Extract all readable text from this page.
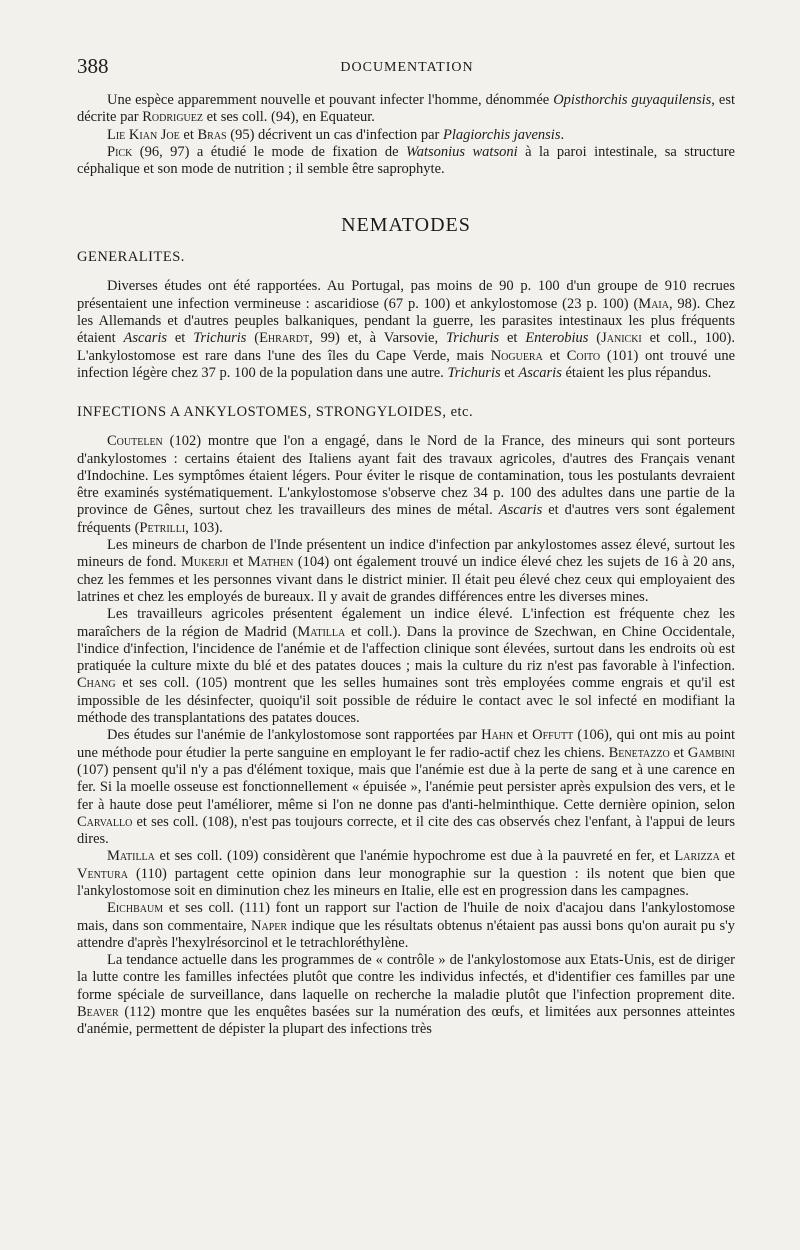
388	DOCUMENTATION

Une espèce apparemment nouvelle et pouvant infecter l'homme, dénommée Opisthorchis guyaquilensis, est décrite par Rodriguez et ses coll. (94), en Equateur.

Lie Kian Joe et Bras (95) décrivent un cas d'infection par Plagiorchis javensis.

Pick (96, 97) a étudié le mode de fixation de Watsonius watsoni à la paroi intestinale, sa structure céphalique et son mode de nutrition ; il semble être saprophyte.

NEMATODES
GENERALITES.

Diverses études ont été rapportées. Au Portugal, pas moins de 90 p. 100 d'un groupe de 910 recrues présentaient une infection vermineuse : ascaridiose (67 p. 100) et ankylostomose (23 p. 100) (Maia, 98). Chez les Allemands et d'autres peuples balkaniques, pendant la guerre, les parasites intestinaux les plus fréquents étaient Ascaris et Trichuris (Ehrardt, 99) et, à Varsovie, Trichuris et Enterobius (Janicki et coll., 100). L'ankylostomose est rare dans l'une des îles du Cape Verde, mais Noguera et Coito (101) ont trouvé une infection légère chez 37 p. 100 de la population dans une autre. Trichuris et Ascaris étaient les plus répandus.

INFECTIONS A ANKYLOSTOMES, STRONGYLOIDES, etc.

Coutelen (102) montre que l'on a engagé, dans le Nord de la France, des mineurs qui sont porteurs d'ankylostomes : certains étaient des Italiens ayant fait des travaux agricoles, d'autres des Français venant d'Indochine. Les symptômes étaient légers. Pour éviter le risque de contamination, tous les postulants devraient être examinés systématiquement. L'ankylostomose s'observe chez 34 p. 100 des adultes dans une partie de la province de Gênes, surtout chez les travailleurs des mines de métal. Ascaris et d'autres vers sont également fréquents (Petrilli, 103).

Les mineurs de charbon de l'Inde présentent un indice d'infection par ankylostomes assez élevé, surtout les mineurs de fond. Mukerji et Mathen (104) ont également trouvé un indice élevé chez les sujets de 16 à 20 ans, chez les femmes et les personnes vivant dans le district minier. Il était peu élevé chez ceux qui employaient des latrines et chez les employés de bureaux. Il y avait de grandes différences entre les diverses mines.

Les travailleurs agricoles présentent également un indice élevé. L'infection est fréquente chez les maraîchers de la région de Madrid (Matilla et coll.). Dans la province de Szechwan, en Chine Occidentale, l'indice d'infection, l'incidence de l'anémie et de l'affection clinique sont élevées, surtout dans les endroits où est pratiquée la culture mixte du blé et des patates douces ; mais la culture du riz n'est pas favorable à l'infection. Chang et ses coll. (105) montrent que les selles humaines sont très employées comme engrais et qu'il est impossible de les désinfecter, quoiqu'il soit possible de réduire le contact avec le sol infecté en modifiant la méthode des transplantations des patates douces.

Des études sur l'anémie de l'ankylostomose sont rapportées par Hahn et Offutt (106), qui ont mis au point une méthode pour étudier la perte sanguine en employant le fer radio-actif chez les chiens. Benetazzo et Gambini (107) pensent qu'il n'y a pas d'élément toxique, mais que l'anémie est due à la perte de sang et à une carence en fer. Si la moelle osseuse est fonctionnellement « épuisée », l'anémie peut persister après expulsion des vers, et le fer à haute dose peut l'améliorer, même si l'on ne donne pas d'anti-helminthique. Cette dernière opinion, selon Carvallo et ses coll. (108), n'est pas toujours correcte, et il cite des cas observés chez l'enfant, à l'appui de leurs dires.

Matilla et ses coll. (109) considèrent que l'anémie hypochrome est due à la pauvreté en fer, et Larizza et Ventura (110) partagent cette opinion dans leur monographie sur la question : ils notent que bien que l'ankylostomose soit en diminution chez les mineurs en Italie, elle est en progression dans les campagnes.

Eichbaum et ses coll. (111) font un rapport sur l'action de l'huile de noix d'acajou dans l'ankylostomose mais, dans son commentaire, Naper indique que les résultats obtenus n'étaient pas aussi bons qu'on aurait pu s'y attendre d'après l'hexylrésorcinol et le tetrachloréthylène.

La tendance actuelle dans les programmes de « contrôle » de l'ankylostomose aux Etats-Unis, est de diriger la lutte contre les familles infectées plutôt que contre les individus infectés, et d'identifier ces familles par une forme spéciale de surveillance, dans laquelle on recherche la maladie plutôt que l'infection proprement dite. Beaver (112) montre que les enquêtes basées sur la numération des œufs, et limitées aux personnes atteintes d'anémie, permettent de dépister la plupart des infections très
